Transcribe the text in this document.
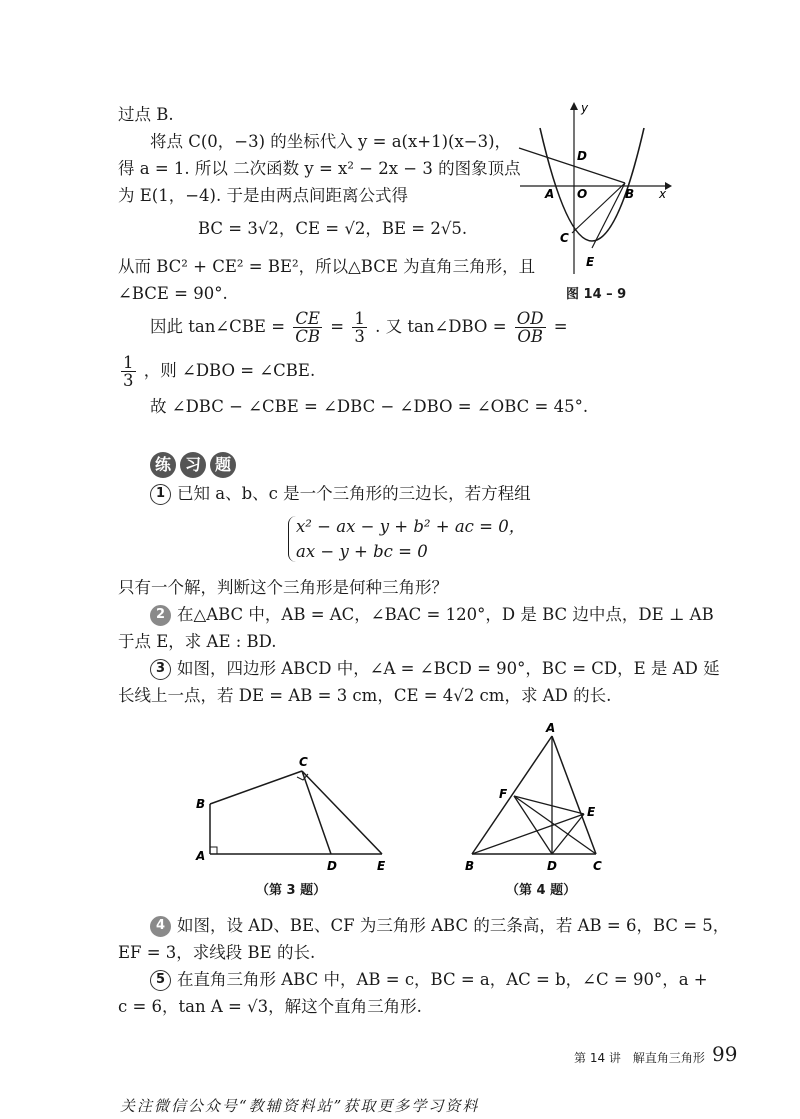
过点 B.
将点 C(0，−3) 的坐标代入 y = a(x+1)(x−3)，
得 a = 1. 所以 二次函数 y = x² − 2x − 3 的图象顶点
为 E(1，−4). 于是由两点间距离公式得
BC = 3√2，CE = √2，BE = 2√5.
从而 BC² + CE² = BE²，所以△BCE 为直角三角形，且
∠BCE = 90°.
因此 tan∠CBE = $\frac{CE}{CB} = \frac{1}{3}$ . 又 tan∠DBO = $\frac{OD}{OB}$ =
$\frac{1}{3}$ ，则 ∠DBO = ∠CBE.
故 ∠DBC − ∠CBE = ∠DBC − ∠DBO = ∠OBC = 45°.
y
x
D
A O	B
C
E
图 14 – 9
练 习 题
1 已知 a、b、c 是一个三角形的三边长，若方程组
x² − ax − y + b² + ac = 0，
ax − y + bc = 0
只有一个解，判断这个三角形是何种三角形？
2 在△ABC 中，AB = AC，∠BAC = 120°，D 是 BC 边中点，DE ⊥ AB
于点 E，求 AE : BD.
3 如图，四边形 ABCD 中，∠A = ∠BCD = 90°，BC = CD，E 是 AD 延
长线上一点，若 DE = AB = 3 cm，CE = 4√2 cm，求 AD 的长.
A
B
C
D	E
（第 3 题）
A
F
E
B	D	C
（第 4 题）
4 如图，设 AD、BE、CF 为三角形 ABC 的三条高，若 AB = 6，BC = 5，
EF = 3，求线段 BE 的长.
5 在直角三角形 ABC 中，AB = c，BC = a，AC = b，∠C = 90°，a +
c = 6，tan A = √3，解这个直角三角形.
第 14 讲　解直角三角形 99
关注微信公众号“教辅资料站”获取更多学习资料
